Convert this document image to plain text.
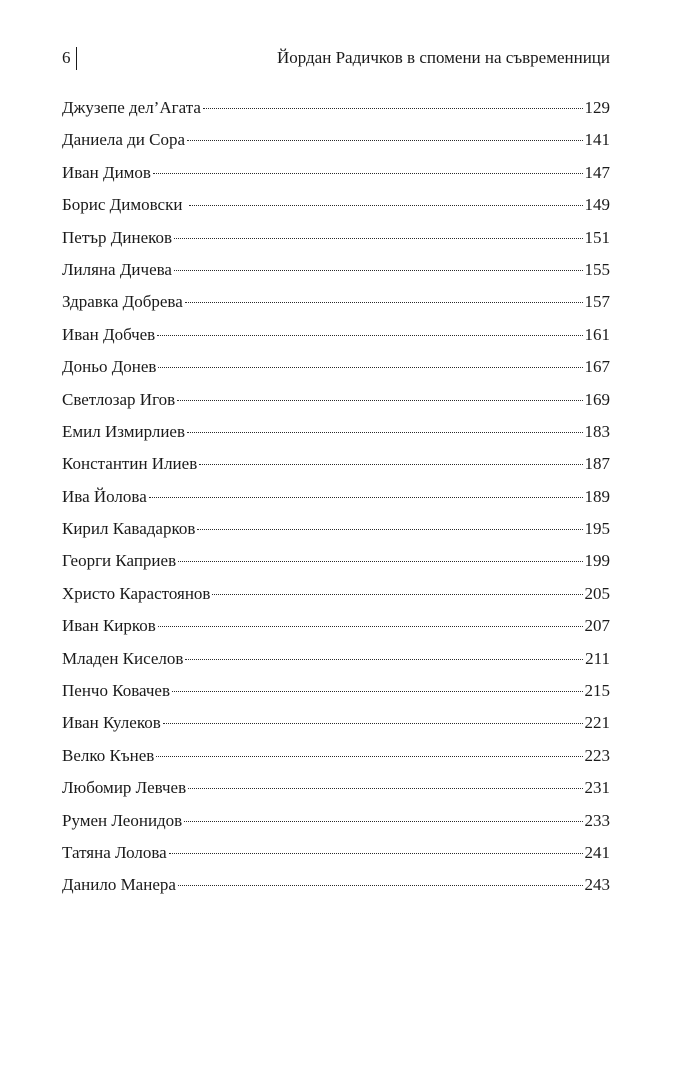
6	Йордан Радичков в спомени на съвременници
Джузепе дел’Агата	129
Даниела ди Сора	141
Иван Димов	147
Борис Димовски	149
Петър Динеков	151
Лиляна Дичева	155
Здравка Добрева	157
Иван Добчев	161
Доньо Донев	167
Светлозар Игов	169
Емил Измирлиев	183
Константин Илиев	187
Ива Йолова	189
Кирил Кавадарков	195
Георги Каприев	199
Христо Карастоянов	205
Иван Кирков	207
Младен Киселов	211
Пенчо Ковачев	215
Иван Кулеков	221
Велко Кънев	223
Любомир Левчев	231
Румен Леонидов	233
Татяна Лолова	241
Данило Манера	243
